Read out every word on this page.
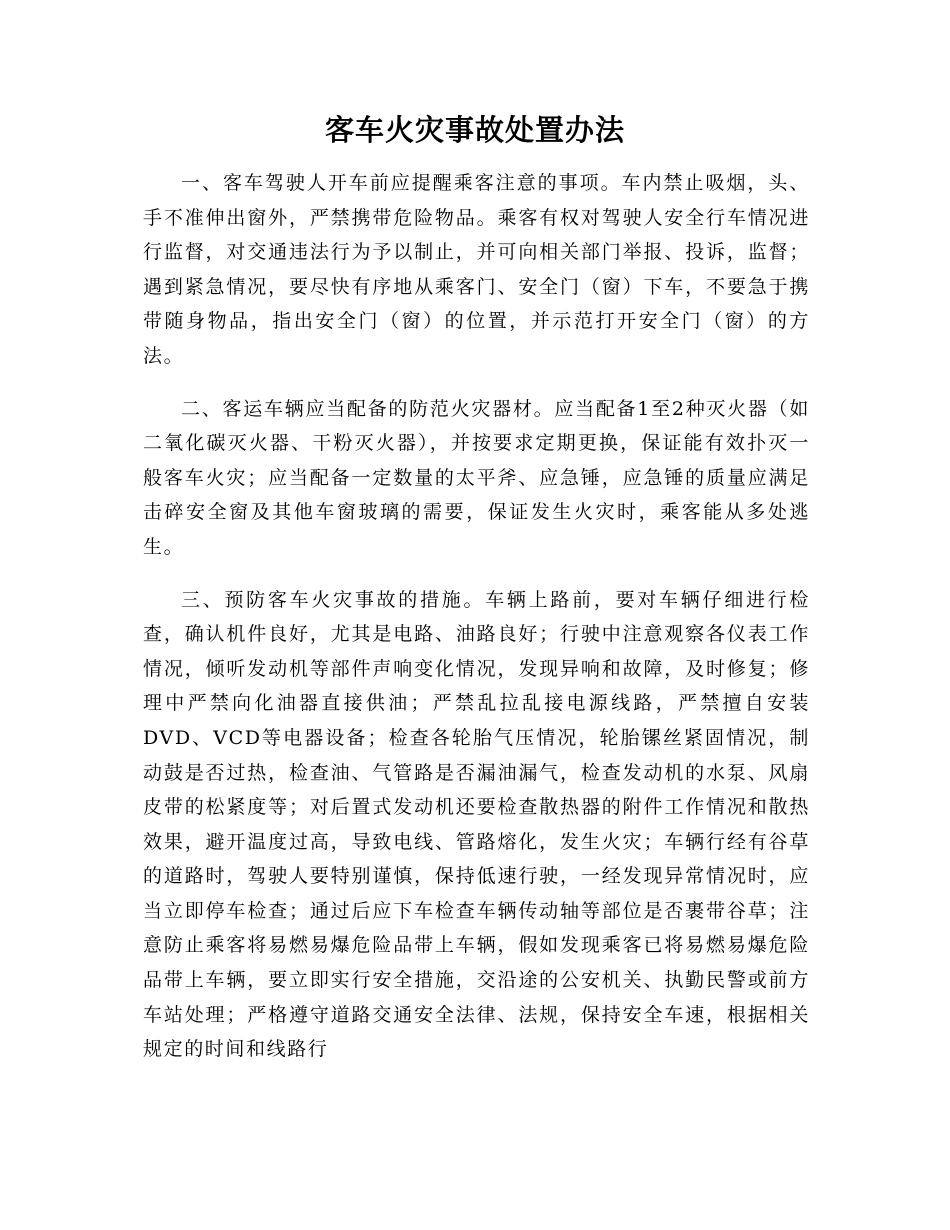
客车火灾事故处置办法

一、客车驾驶人开车前应提醒乘客注意的事项。车内禁止吸烟，头、手不准伸出窗外，严禁携带危险物品。乘客有权对驾驶人安全行车情况进行监督，对交通违法行为予以制止，并可向相关部门举报、投诉，监督；遇到紧急情况，要尽快有序地从乘客门、安全门（窗）下车，不要急于携带随身物品，指出安全门（窗）的位置，并示范打开安全门（窗）的方法。

二、客运车辆应当配备的防范火灾器材。应当配备1至2种灭火器（如二氧化碳灭火器、干粉灭火器），并按要求定期更换，保证能有效扑灭一般客车火灾；应当配备一定数量的太平斧、应急锤，应急锤的质量应满足击碎安全窗及其他车窗玻璃的需要，保证发生火灾时，乘客能从多处逃生。

三、预防客车火灾事故的措施。车辆上路前，要对车辆仔细进行检查，确认机件良好，尤其是电路、油路良好；行驶中注意观察各仪表工作情况，倾听发动机等部件声响变化情况，发现异响和故障，及时修复；修理中严禁向化油器直接供油；严禁乱拉乱接电源线路，严禁擅自安装DVD、VCD等电器设备；检查各轮胎气压情况，轮胎镙丝紧固情况，制动鼓是否过热，检查油、气管路是否漏油漏气，检查发动机的水泵、风扇皮带的松紧度等；对后置式发动机还要检查散热器的附件工作情况和散热效果，避开温度过高，导致电线、管路熔化，发生火灾；车辆行经有谷草的道路时，驾驶人要特别谨慎，保持低速行驶，一经发现异常情况时，应当立即停车检查；通过后应下车检查车辆传动轴等部位是否裹带谷草；注意防止乘客将易燃易爆危险品带上车辆，假如发现乘客已将易燃易爆危险品带上车辆，要立即实行安全措施，交沿途的公安机关、执勤民警或前方车站处理；严格遵守道路交通安全法律、法规，保持安全车速，根据相关规定的时间和线路行
